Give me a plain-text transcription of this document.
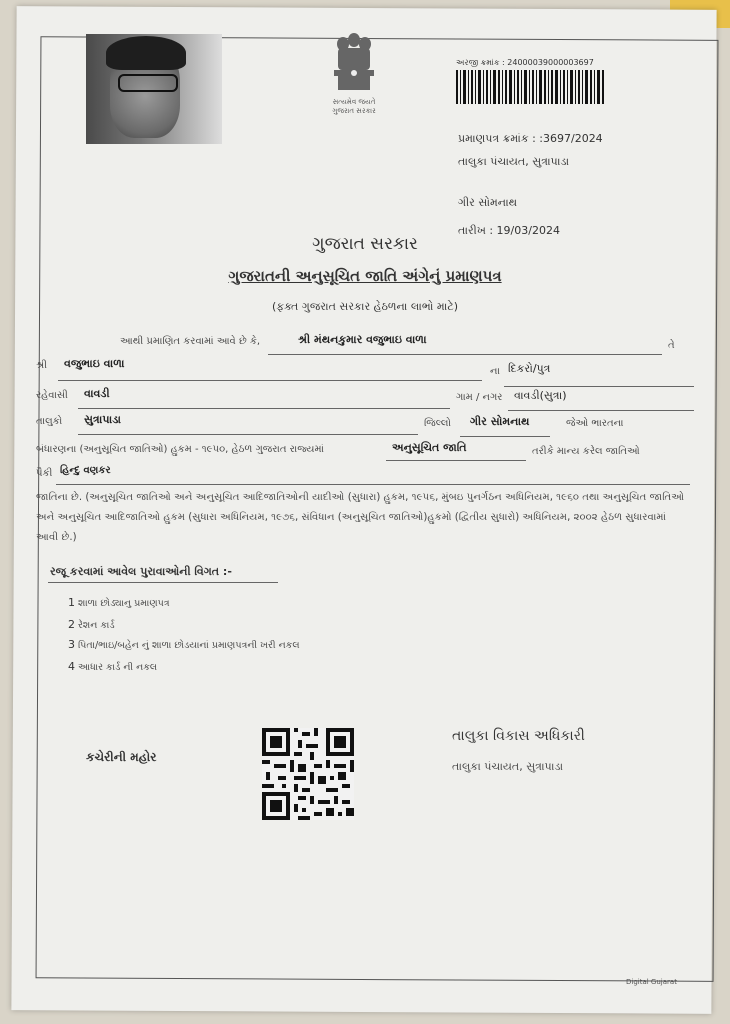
સત્યમેવ જયતે
ગુજરાત સરકાર
અરજી ક્રમાંક : 24000039000003697
પ્રમાણપત્ર ક્રમાંક : :3697/2024
તાલુકા પંચાયત, સુત્રાપાડા
ગીર સોમનાથ
તારીખ : 19/03/2024
ગુજરાત સરકાર
ગુજરાતની અનુસૂચિત જાતિ અંગેનું પ્રમાણપત્ર
(ફક્ત ગુજરાત સરકાર હેઠળના લાભો માટે)
આથી પ્રમાણિત કરવામાં આવે છે કે,	શ્રી મંથનકુમાર વજુભાઇ વાળા	તે
શ્રી વજુભાઇ વાળા
ના દિકરો/પુત્ર
રહેવાસી વાવડી	ગામ / નગર વાવડી(સુત્રા)
તાલુકો સુત્રાપાડા	જિલ્લો ગીર સોમનાથ	જેઓ ભારતના
બંધારણના (અનુસૂચિત જાતિઓ) હુકમ - ૧૯૫૦, હેઠળ ગુજરાત રાજ્યમાં	અનુસૂચિત જાતિ	તરીકે માન્ય કરેલ જાતિઓ
પૈકી હિન્દુ વણકર
જાતિના છે. (અનુસૂચિત જાતિઓ અને અનુસૂચિત આદિજાતિઓની યાદીઓ (સુધારા) હુકમ, ૧૯૫૬, મુંબઇ પુનર્ગઠન અધિનિયમ, ૧૯૬૦ તથા અનુસૂચિત જાતિઓ અને અનુસૂચિત આદિજાતિઓ હુકમ (સુધારા અધિનિયમ, ૧૯૭૬, સંવિધાન (અનુસૂચિત જાતિઓ)હુકમો (દ્વિતીય સુધારો) અધિનિયમ, ૨૦૦૨ હેઠળ સુધારવામાં આવી છે.)
રજૂ કરવામાં આવેલ પુરાવાઓની વિગત :-
1 શાળા છોડ્યાનુ પ્રમાણપત્ર
2 રેશન કાર્ડ
3 પિતા/ભાઇ/બહેન નું શાળા છોડયાનાં પ્રમાણપત્રની ખરી નકલ
4 આધાર કાર્ડ ની નકલ
કચેરીની મહોર
તાલુકા વિકાસ અધિકારી
તાલુકા પંચાયત, સુત્રાપાડા
Digital Gujarat
